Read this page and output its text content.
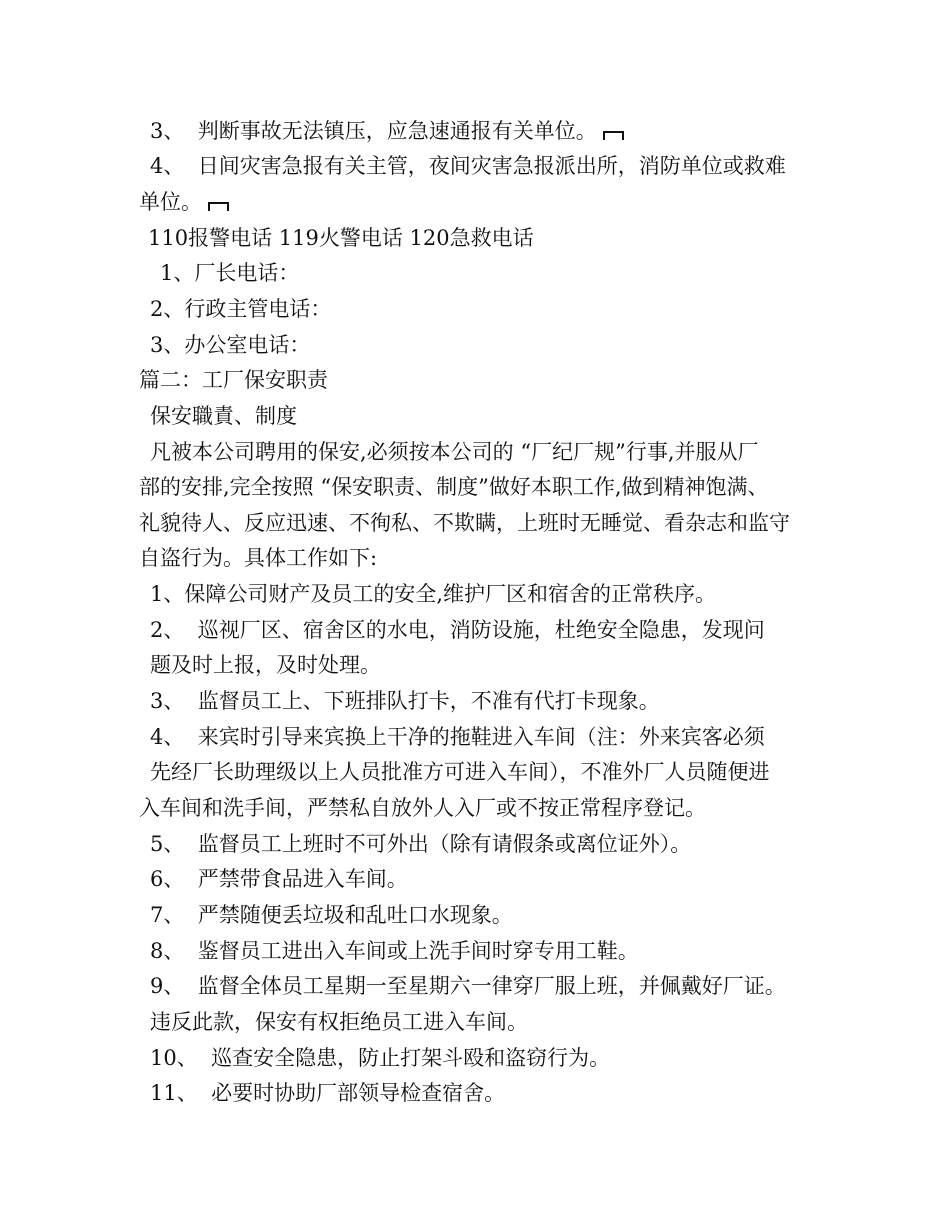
3、  判断事故无法镇压，应急速通报有关单位。
4、  日间灾害急报有关主管，夜间灾害急报派出所，消防单位或救难
单位。
110报警电话 119火警电话 120急救电话
1、厂长电话：
2、行政主管电话：
3、办公室电话：
篇二：工厂保安职责
保安職責、制度
凡被本公司聘用的保安,必须按本公司的 “厂纪厂规”行事,并服从厂
部的安排,完全按照 “保安职责、制度”做好本职工作,做到精神饱满、
礼貌待人、反应迅速、不徇私、不欺瞒，上班时无睡觉、看杂志和监守
自盗行为。具体工作如下:
1、保障公司财产及员工的安全,维护厂区和宿舍的正常秩序。
2、  巡视厂区、宿舍区的水电，消防设施，杜绝安全隐患，发现问
题及时上报，及时处理。
3、  监督员工上、下班排队打卡，不准有代打卡现象。
4、  来宾时引导来宾换上干净的拖鞋进入车间（注：外来宾客必须
先经厂长助理级以上人员批准方可进入车间），不准外厂人员随便进
入车间和洗手间，严禁私自放外人入厂或不按正常程序登记。
5、  监督员工上班时不可外出（除有请假条或离位证外）。
6、  严禁带食品进入车间。
7、  严禁随便丢垃圾和乱吐口水现象。
8、  鉴督员工进出入车间或上洗手间时穿专用工鞋。
9、  监督全体员工星期一至星期六一律穿厂服上班，并佩戴好厂证。
违反此款，保安有权拒绝员工进入车间。
10、  巡查安全隐患，防止打架斗殴和盗窃行为。
11、  必要时协助厂部领导检查宿舍。
